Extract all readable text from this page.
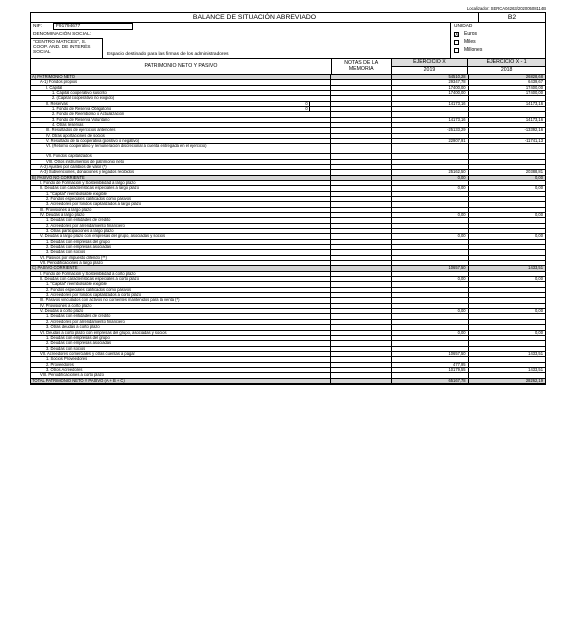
Localizador: SERCA04263/20200508114B
BALANCE DE SITUACIÓN ABREVIADO	B2
NIF:	F91794677
DENOMINACIÓN SOCIAL:
"CENTRO MATICES", S. COOP. AND. DE INTERÉS SOCIAL	Espacio destinado para las firmas de los administradores
UNIDAD
X Euros
Miles
Millones
PATRIMONIO NETO Y PASIVO	NOTAS DE LA MEMORIA
EJERCICIO X
2019
EJERCICIO X - 1
2018
A) PATRIMONIO NETO	54510,28	26828,68
A-1) Fondos propios	29347,78	6439,67
I. Capital	17400,00	17400,00
1. Capital cooperativo suscrito	17400,00	17400,00
2. (Capital cooperativo no exigido)
II. Reservas	0	14173,16	14173,16
1. Fondo de Reserva Obligatorio	0
2. Fondo de Reembolso o Actualización
3. Fondo de Reserva Voluntario	14173,16	14173,16
4. Otras reservas
III. Resultados de ejercicios anteriores	-25133,29	-13392,16
IV. Otras aportaciones de socios
V. Resultado de la cooperativa (positivo o negativo)	22907,91	-11741,13
VI. (Retorno cooperativo y remuneración discrecional a cuenta entregada en el ejercicio)
VII. Fondos capitalizados
VIII. Otros instrumentos de patrimonio neto
A-2) Ajustes por cambios de valor (*)
A-3) Subvenciones, donaciones y legados recibidos	25162,50	20388,81
B) PASIVO NO CORRIENTE	0,00	0,00
I. Fondo de Formación y Sostenibilidad a largo plazo
II. Deudas con características especiales a largo plazo	0,00	0,00
1. "Capital" reembolsable exigible
2. Fondos especiales calificados como pasivos
3. Acreedores por fondos capitalizados a largo plazo
III. Provisiones a largo plazo
IV. Deudas a largo plazo	0,00	0,00
1. Deudas con entidades de crédito
2. Acreedores por arrendamiento financiero
3. Otras participaciones a largo plazo
V. Deudas a largo plazo con empresas del grupo, asociadas y socios	0,00	0,00
1. Deudas con empresas del grupo
2. Deudas con empresas asociadas
3. Deudas con socios
VI. Pasivos por impuesto diferido (**)
VII. Periodificaciones a largo plazo
C) PASIVO CORRIENTE	10657,50	1433,51
I. Fondo de Formación y Sostenibilidad a corto plazo
II. Deudas con características especiales a corto plazo	0,00	0,00
1. "Capital" reembolsable exigible
2. Fondos especiales calificados como pasivos
3. Acreedores por fondos capitalizados a corto plazo
III. Pasivos vinculados con activos no corrientes mantenidos para la venta (*)
IV. Provisiones a corto plazo
V. Deudas a corto plazo	0,00	0,00
1. Deudas con entidades de crédito
2. Acreedores por arrendamiento financiero
3. Otras deudas a corto plazo
VI. Deudas a corto plazo con empresas del grupo, asociadas y socios	0,00	0,00
1. Deudas con empresas del grupo
2. Deudas con empresas asociadas
3. Deudas con socios
VII. Acreedores comerciales y otras cuentas a pagar	10657,50	1433,51
1. Socios Proveedores
2. Proveedores	477,95
3. Otros Acreedores	10179,55	1433,51
VIII. Periodificaciones a corto plazo
TOTAL PATRIMONIO NETO Y PASIVO (A + B + C)	65167,78	28262,19
